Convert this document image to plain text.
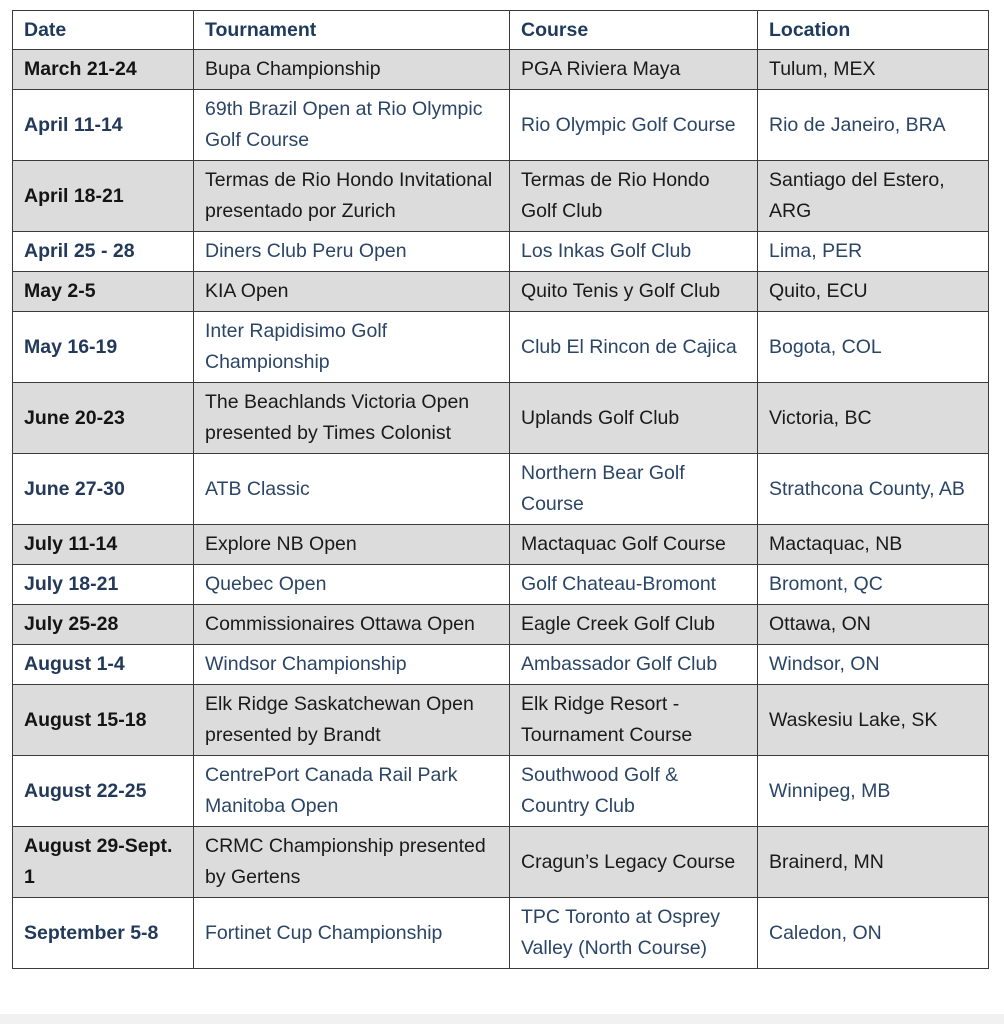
Date	Tournament	Course	Location
March 21-24	Bupa Championship	PGA Riviera Maya	Tulum, MEX
April 11-14	69th Brazil Open at Rio Olympic Golf Course	Rio Olympic Golf Course	Rio de Janeiro, BRA
April 18-21	Termas de Rio Hondo Invitational presentado por Zurich	Termas de Rio Hondo Golf Club	Santiago del Estero, ARG
April 25 - 28	Diners Club Peru Open	Los Inkas Golf Club	Lima, PER
May 2-5	KIA Open	Quito Tenis y Golf Club	Quito, ECU
May 16-19	Inter Rapidisimo Golf Championship	Club El Rincon de Cajica	Bogota, COL
June 20-23	The Beachlands Victoria Open presented by Times Colonist	Uplands Golf Club	Victoria, BC
June 27-30	ATB Classic	Northern Bear Golf Course	Strathcona County, AB
July 11-14	Explore NB Open	Mactaquac Golf Course	Mactaquac, NB
July 18-21	Quebec Open	Golf Chateau-Bromont	Bromont, QC
July 25-28	Commissionaires Ottawa Open	Eagle Creek Golf Club	Ottawa, ON
August 1-4	Windsor Championship	Ambassador Golf Club	Windsor, ON
August 15-18	Elk Ridge Saskatchewan Open presented by Brandt	Elk Ridge Resort - Tournament Course	Waskesiu Lake, SK
August 22-25	CentrePort Canada Rail Park Manitoba Open	Southwood Golf & Country Club	Winnipeg, MB
August 29-Sept. 1	CRMC Championship presented by Gertens	Cragun’s Legacy Course	Brainerd, MN
September 5-8	Fortinet Cup Championship	TPC Toronto at Osprey Valley (North Course)	Caledon, ON
